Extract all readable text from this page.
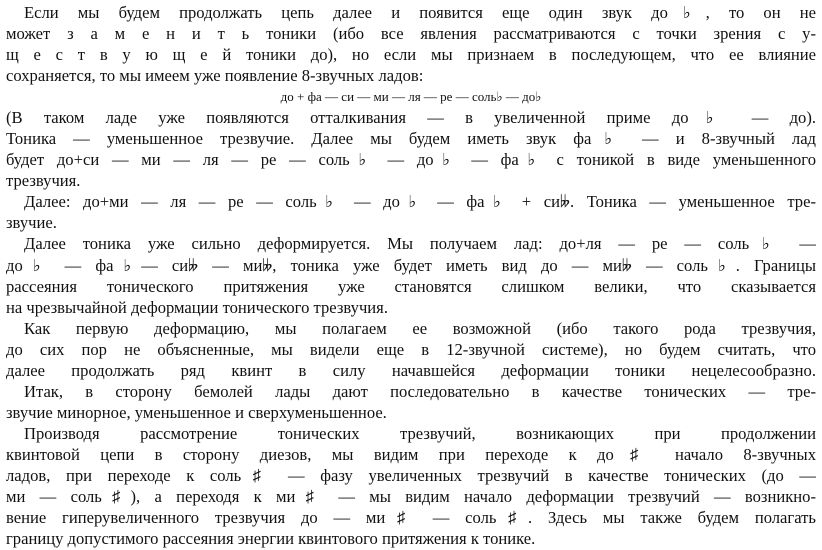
Если мы будем продолжать цепь далее и появится еще один звук до♭, то он не
может з а м е н и т ь тоники (ибо все явления рассматриваются с точки зрения с у-
щ е с т в у ю щ е й тоники до), но если мы признаем в последующем, что ее влияние
сохраняется, то мы имеем уже появление 8-звучных ладов:
до + фа — си — ми — ля — ре — соль♭ — до♭
(В таком ладе уже появляются отталкивания — в увеличенной приме до♭ — до).
Тоника — уменьшенное трезвучие. Далее мы будем иметь звук фа♭ — и 8-звучный лад
будет до+си — ми — ля — ре — соль♭ — до♭ — фа♭ с тоникой в виде уменьшенного
трезвучия.
Далее: до+ми — ля — ре — соль♭ — до♭ — фа♭ + си𝄫. Тоника — уменьшенное тре-
звучие.
Далее тоника уже сильно деформируется. Мы получаем лад: до+ля — ре — соль♭ —
до♭ — фа♭— си𝄫 — ми𝄫, тоника уже будет иметь вид до — ми𝄫 — соль♭. Границы
рассеяния тонического притяжения уже становятся слишком велики, что сказывается
на чрезвычайной деформации тонического трезвучия.
Как первую деформацию, мы полагаем ее возможной (ибо такого рода трезвучия,
до сих пор не объясненные, мы видели еще в 12-звучной системе), но будем считать, что
далее продолжать ряд квинт в силу начавшейся деформации тоники нецелесообразно.
Итак, в сторону бемолей лады дают последовательно в качестве тонических — тре-
звучие минорное, уменьшенное и сверхуменьшенное.
Производя рассмотрение тонических трезвучий, возникающих при продолжении
квинтовой цепи в сторону диезов, мы видим при переходе к до♯ начало 8-звучных
ладов, при переходе к соль♯ — фазу увеличенных трезвучий в качестве тонических (до —
ми — соль♯), а переходя к ми♯ — мы видим начало деформации трезвучий — возникно-
вение гиперувеличенного трезвучия до — ми♯ — соль♯. Здесь мы также будем полагать
границу допустимого рассеяния энергии квинтового притяжения к тонике.
